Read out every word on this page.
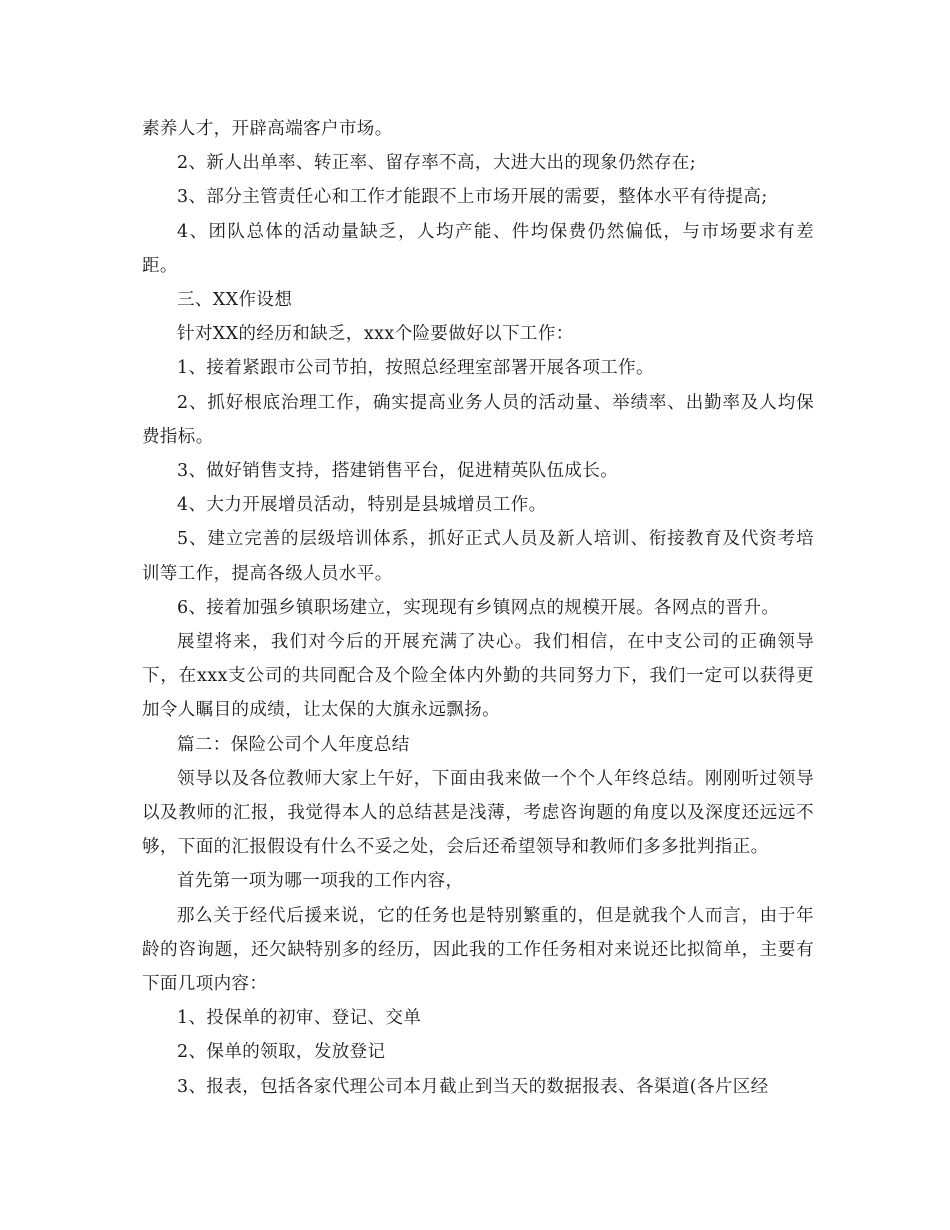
素养人才，开辟高端客户市场。

2、新人出单率、转正率、留存率不高，大进大出的现象仍然存在;

3、部分主管责任心和工作才能跟不上市场开展的需要，整体水平有待提高;

4、团队总体的活动量缺乏，人均产能、件均保费仍然偏低，与市场要求有差距。

三、XX作设想

针对XX的经历和缺乏，xxx个险要做好以下工作：

1、接着紧跟市公司节拍，按照总经理室部署开展各项工作。

2、抓好根底治理工作，确实提高业务人员的活动量、举绩率、出勤率及人均保费指标。

3、做好销售支持，搭建销售平台，促进精英队伍成长。

4、大力开展增员活动，特别是县城增员工作。

5、建立完善的层级培训体系，抓好正式人员及新人培训、衔接教育及代资考培训等工作，提高各级人员水平。

6、接着加强乡镇职场建立，实现现有乡镇网点的规模开展。各网点的晋升。

展望将来，我们对今后的开展充满了决心。我们相信，在中支公司的正确领导下，在xxx支公司的共同配合及个险全体内外勤的共同努力下，我们一定可以获得更加令人瞩目的成绩，让太保的大旗永远飘扬。

篇二：保险公司个人年度总结

领导以及各位教师大家上午好，下面由我来做一个个人年终总结。刚刚听过领导以及教师的汇报，我觉得本人的总结甚是浅薄，考虑咨询题的角度以及深度还远远不够，下面的汇报假设有什么不妥之处，会后还希望领导和教师们多多批判指正。

首先第一项为哪一项我的工作内容，

那么关于经代后援来说，它的任务也是特别繁重的，但是就我个人而言，由于年龄的咨询题，还欠缺特别多的经历，因此我的工作任务相对来说还比拟简单，主要有下面几项内容：

1、投保单的初审、登记、交单

2、保单的领取，发放登记

3、报表，包括各家代理公司本月截止到当天的数据报表、各渠道(各片区经
